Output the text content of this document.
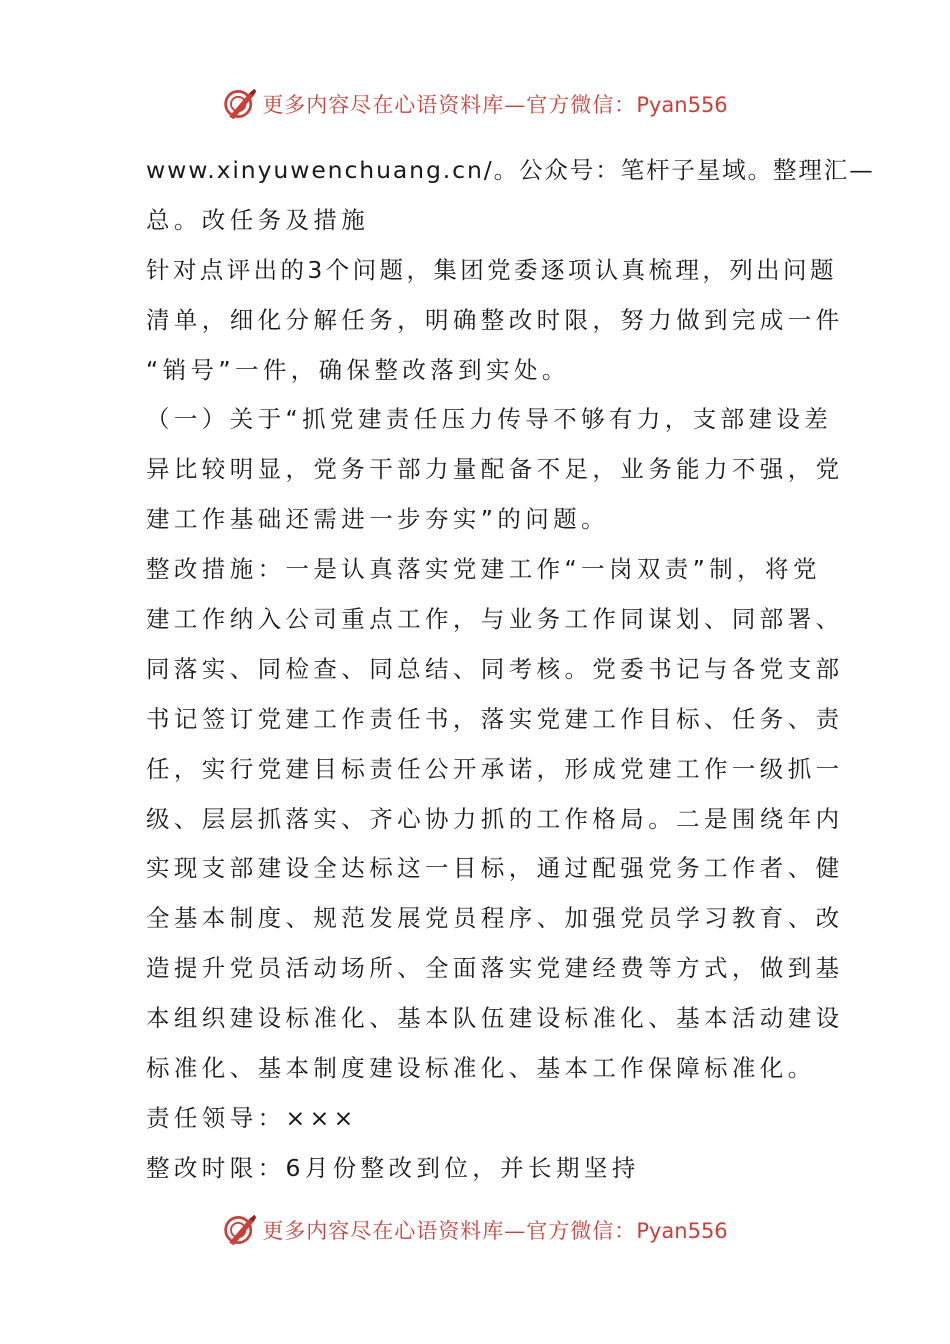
更多内容尽在心语资料库—官方微信：Pyan556
www.xinyuwenchuang.cn/。公众号：笔杆子星域。整理汇—
总。改任务及措施
针对点评出的3个问题，集团党委逐项认真梳理，列出问题
清单，细化分解任务，明确整改时限，努力做到完成一件
“销号”一件，确保整改落到实处。
（一）关于“抓党建责任压力传导不够有力，支部建设差
异比较明显，党务干部力量配备不足，业务能力不强，党
建工作基础还需进一步夯实”的问题。
整改措施：一是认真落实党建工作“一岗双责”制，将党
建工作纳入公司重点工作，与业务工作同谋划、同部署、
同落实、同检查、同总结、同考核。党委书记与各党支部
书记签订党建工作责任书，落实党建工作目标、任务、责
任，实行党建目标责任公开承诺，形成党建工作一级抓一
级、层层抓落实、齐心协力抓的工作格局。二是围绕年内
实现支部建设全达标这一目标，通过配强党务工作者、健
全基本制度、规范发展党员程序、加强党员学习教育、改
造提升党员活动场所、全面落实党建经费等方式，做到基
本组织建设标准化、基本队伍建设标准化、基本活动建设
标准化、基本制度建设标准化、基本工作保障标准化。
责任领导：×××
整改时限：6月份整改到位，并长期坚持
更多内容尽在心语资料库—官方微信：Pyan556
